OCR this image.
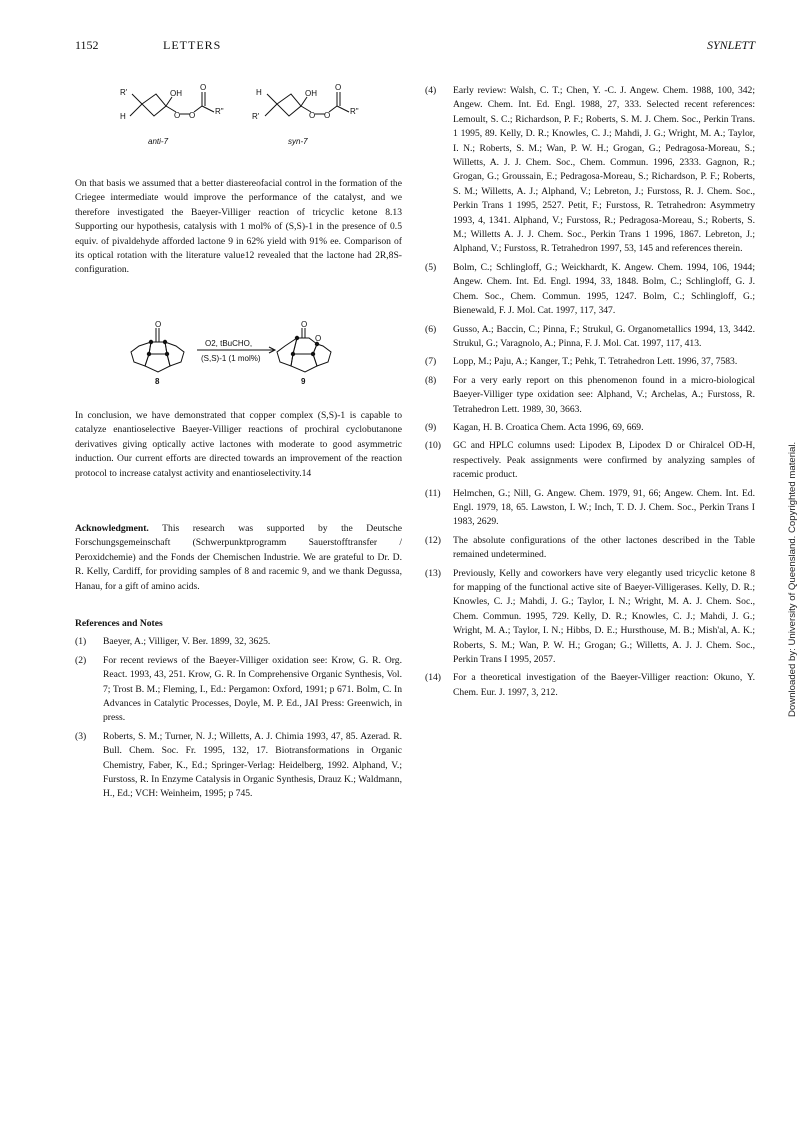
1152	LETTERS	SYNLETT
R'
H
OH
O O
O
R"
H
R'
OH
O O
O
R"
anti-7	syn-7
O	O
O
O2, tBuCHO,
(S,S)-1 (1 mol%)
8	9

On that basis we assumed that a better diastereofacial control in the formation of the Criegee intermediate would improve the performance of the catalyst, and we therefore investigated the Baeyer-Villiger reaction of tricyclic ketone 8.13 Supporting our hypothesis, catalysis with 1 mol% of (S,S)-1 in the presence of 0.5 equiv. of pivaldehyde afforded lactone 9 in 62% yield with 91% ee. Comparison of its optical rotation with the literature value12 revealed that the lactone had 2R,8S-configuration.

In conclusion, we have demonstrated that copper complex (S,S)-1 is capable to catalyze enantioselective Baeyer-Villiger reactions of prochiral cyclobutanone derivatives giving optically active lactones with moderate to good asymmetric induction. Our current efforts are directed towards an improvement of the reaction protocol to increase catalyst activity and enantioselectivity.14

Acknowledgment. This research was supported by the Deutsche Forschungsgemeinschaft (Schwerpunktprogramm Sauerstofftransfer / Peroxidchemie) and the Fonds der Chemischen Industrie. We are grateful to Dr. D. R. Kelly, Cardiff, for providing samples of 8 and racemic 9, and we thank Degussa, Hanau, for a gift of amino acids.

References and Notes

(1) Baeyer, A.; Villiger, V. Ber. 1899, 32, 3625.

(2) For recent reviews of the Baeyer-Villiger oxidation see: Krow, G. R. Org. React. 1993, 43, 251. Krow, G. R. In Comprehensive Organic Synthesis, Vol. 7; Trost B. M.; Fleming, I., Ed.: Pergamon: Oxford, 1991; p 671. Bolm, C. In Advances in Catalytic Processes, Doyle, M. P. Ed., JAI Press: Greenwich, in press.

(3) Roberts, S. M.; Turner, N. J.; Willetts, A. J. Chimia 1993, 47, 85. Azerad. R. Bull. Chem. Soc. Fr. 1995, 132, 17. Biotransformations in Organic Chemistry, Faber, K., Ed.; Springer-Verlag: Heidelberg, 1992. Alphand, V.; Furstoss, R. In Enzyme Catalysis in Organic Synthesis, Drauz K.; Waldmann, H., Ed.; VCH: Weinheim, 1995; p 745.

(4) Early review: Walsh, C. T.; Chen, Y. -C. J. Angew. Chem. 1988, 100, 342; Angew. Chem. Int. Ed. Engl. 1988, 27, 333. Selected recent references: Lemoult, S. C.; Richardson, P. F.; Roberts, S. M. J. Chem. Soc., Perkin Trans. 1 1995, 89. Kelly, D. R.; Knowles, C. J.; Mahdi, J. G.; Wright, M. A.; Taylor, I. N.; Roberts, S. M.; Wan, P. W. H.; Grogan, G.; Pedragosa-Moreau, S.; Willetts, A. J. J. Chem. Soc., Chem. Commun. 1996, 2333. Gagnon, R.; Grogan, G.; Groussain, E.; Pedragosa-Moreau, S.; Richardson, P. F.; Roberts, S. M.; Willetts, A. J.; Alphand, V.; Lebreton, J.; Furstoss, R. J. Chem. Soc., Perkin Trans 1 1995, 2527. Petit, F.; Furstoss, R. Tetrahedron: Asymmetry 1993, 4, 1341. Alphand, V.; Furstoss, R.; Pedragosa-Moreau, S.; Roberts, S. M.; Willetts A. J. J. Chem. Soc., Perkin Trans 1 1996, 1867. Lebreton, J.; Alphand, V.; Furstoss, R. Tetrahedron 1997, 53, 145 and references therein.

(5) Bolm, C.; Schlingloff, G.; Weickhardt, K. Angew. Chem. 1994, 106, 1944; Angew. Chem. Int. Ed. Engl. 1994, 33, 1848. Bolm, C.; Schlingloff, G. J. Chem. Soc., Chem. Commun. 1995, 1247. Bolm, C.; Schlingloff, G.; Bienewald, F. J. Mol. Cat. 1997, 117, 347.

(6) Gusso, A.; Baccin, C.; Pinna, F.; Strukul, G. Organometallics 1994, 13, 3442. Strukul, G.; Varagnolo, A.; Pinna, F. J. Mol. Cat. 1997, 117, 413.

(7) Lopp, M.; Paju, A.; Kanger, T.; Pehk, T. Tetrahedron Lett. 1996, 37, 7583.

(8) For a very early report on this phenomenon found in a micro-biological Baeyer-Villiger type oxidation see: Alphand, V.; Archelas, A.; Furstoss, R. Tetrahedron Lett. 1989, 30, 3663.

(9) Kagan, H. B. Croatica Chem. Acta 1996, 69, 669.

(10) GC and HPLC columns used: Lipodex B, Lipodex D or Chiralcel OD-H, respectively. Peak assignments were confirmed by analyzing samples of racemic product.

(11) Helmchen, G.; Nill, G. Angew. Chem. 1979, 91, 66; Angew. Chem. Int. Ed. Engl. 1979, 18, 65. Lawston, I. W.; Inch, T. D. J. Chem. Soc., Perkin Trans I 1983, 2629.

(12) The absolute configurations of the other lactones described in the Table remained undetermined.

(13) Previously, Kelly and coworkers have very elegantly used tricyclic ketone 8 for mapping of the functional active site of Baeyer-Villigerases. Kelly, D. R.; Knowles, C. J.; Mahdi, J. G.; Taylor, I. N.; Wright, M. A. J. Chem. Soc., Chem. Commun. 1995, 729. Kelly, D. R.; Knowles, C. J.; Mahdi, J. G.; Wright, M. A.; Taylor, I. N.; Hibbs, D. E.; Hursthouse, M. B.; Mish'al, A. K.; Roberts, S. M.; Wan, P. W. H.; Grogan; G.; Willetts, A. J. J. Chem. Soc., Perkin Trans I 1995, 2057.

(14) For a theoretical investigation of the Baeyer-Villiger reaction: Okuno, Y. Chem. Eur. J. 1997, 3, 212.	Downloaded by: University of Queensland. Copyrighted material.
